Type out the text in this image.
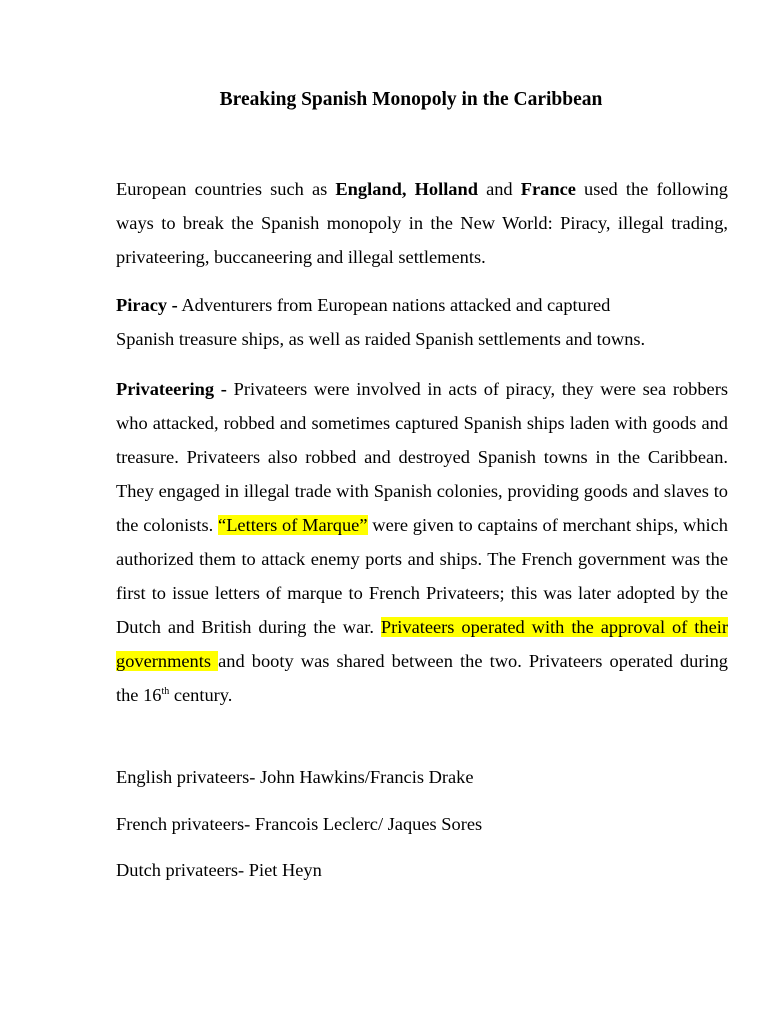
Breaking Spanish Monopoly in the Caribbean

European countries such as England, Holland and France used the following ways to break the Spanish monopoly in the New World: Piracy, illegal trading, privateering, buccaneering and illegal settlements.

Piracy - Adventurers from European nations attacked and captured
Spanish treasure ships, as well as raided Spanish settlements and towns.

Privateering - Privateers were involved in acts of piracy, they were sea robbers who attacked, robbed and sometimes captured Spanish ships laden with goods and treasure. Privateers also robbed and destroyed Spanish towns in the Caribbean. They engaged in illegal trade with Spanish colonies, providing goods and slaves to the colonists. “Letters of Marque” were given to captains of merchant ships, which authorized them to attack enemy ports and ships. The French government was the first to issue letters of marque to French Privateers; this was later adopted by the Dutch and British during the war. Privateers operated with the approval of their governments and booty was shared between the two. Privateers operated during the 16th century.

English privateers- John Hawkins/Francis Drake

French privateers- Francois Leclerc/ Jaques Sores

Dutch privateers- Piet Heyn
